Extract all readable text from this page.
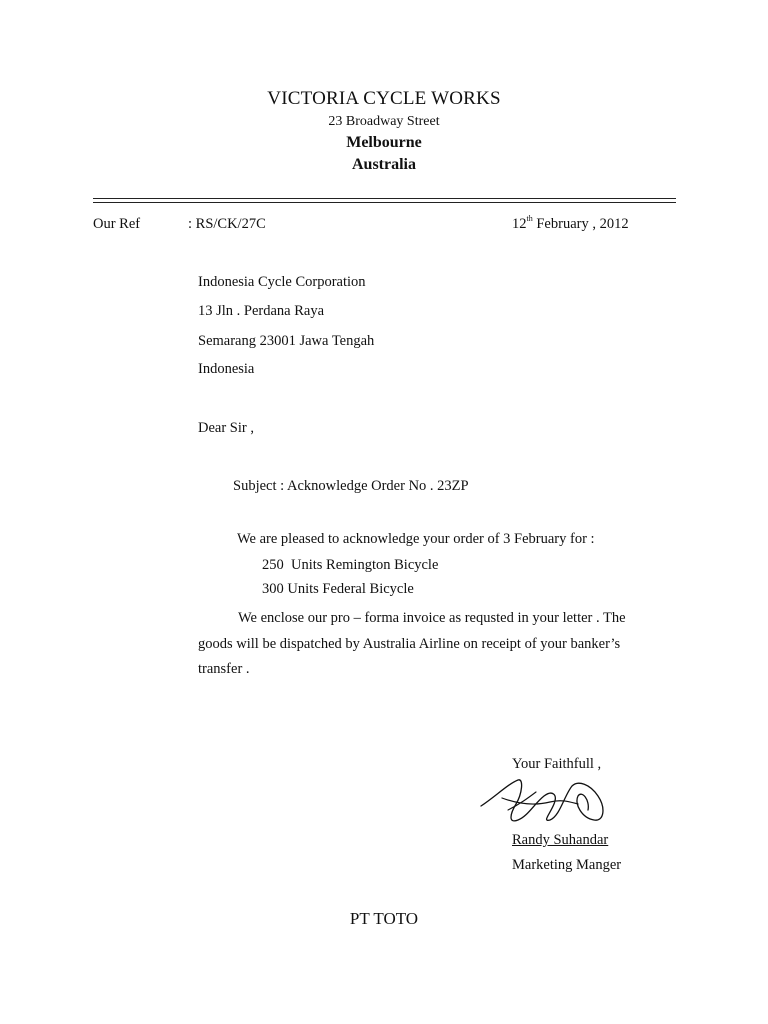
VICTORIA CYCLE WORKS
23 Broadway Street
Melbourne
Australia
Our Ref	: RS/CK/27C	12th February , 2012
Indonesia Cycle Corporation
13 Jln . Perdana Raya
Semarang 23001 Jawa Tengah
Indonesia
Dear Sir ,
Subject : Acknowledge Order No . 23ZP
We are pleased to acknowledge your order of 3 February for :
250  Units Remington Bicycle
300 Units Federal Bicycle
We enclose our pro – forma invoice as requsted in your letter . The goods will be dispatched by Australia Airline on receipt of your banker’s transfer .
Your Faithfull ,
Randy Suhandar
Marketing Manger
PT TOTO
